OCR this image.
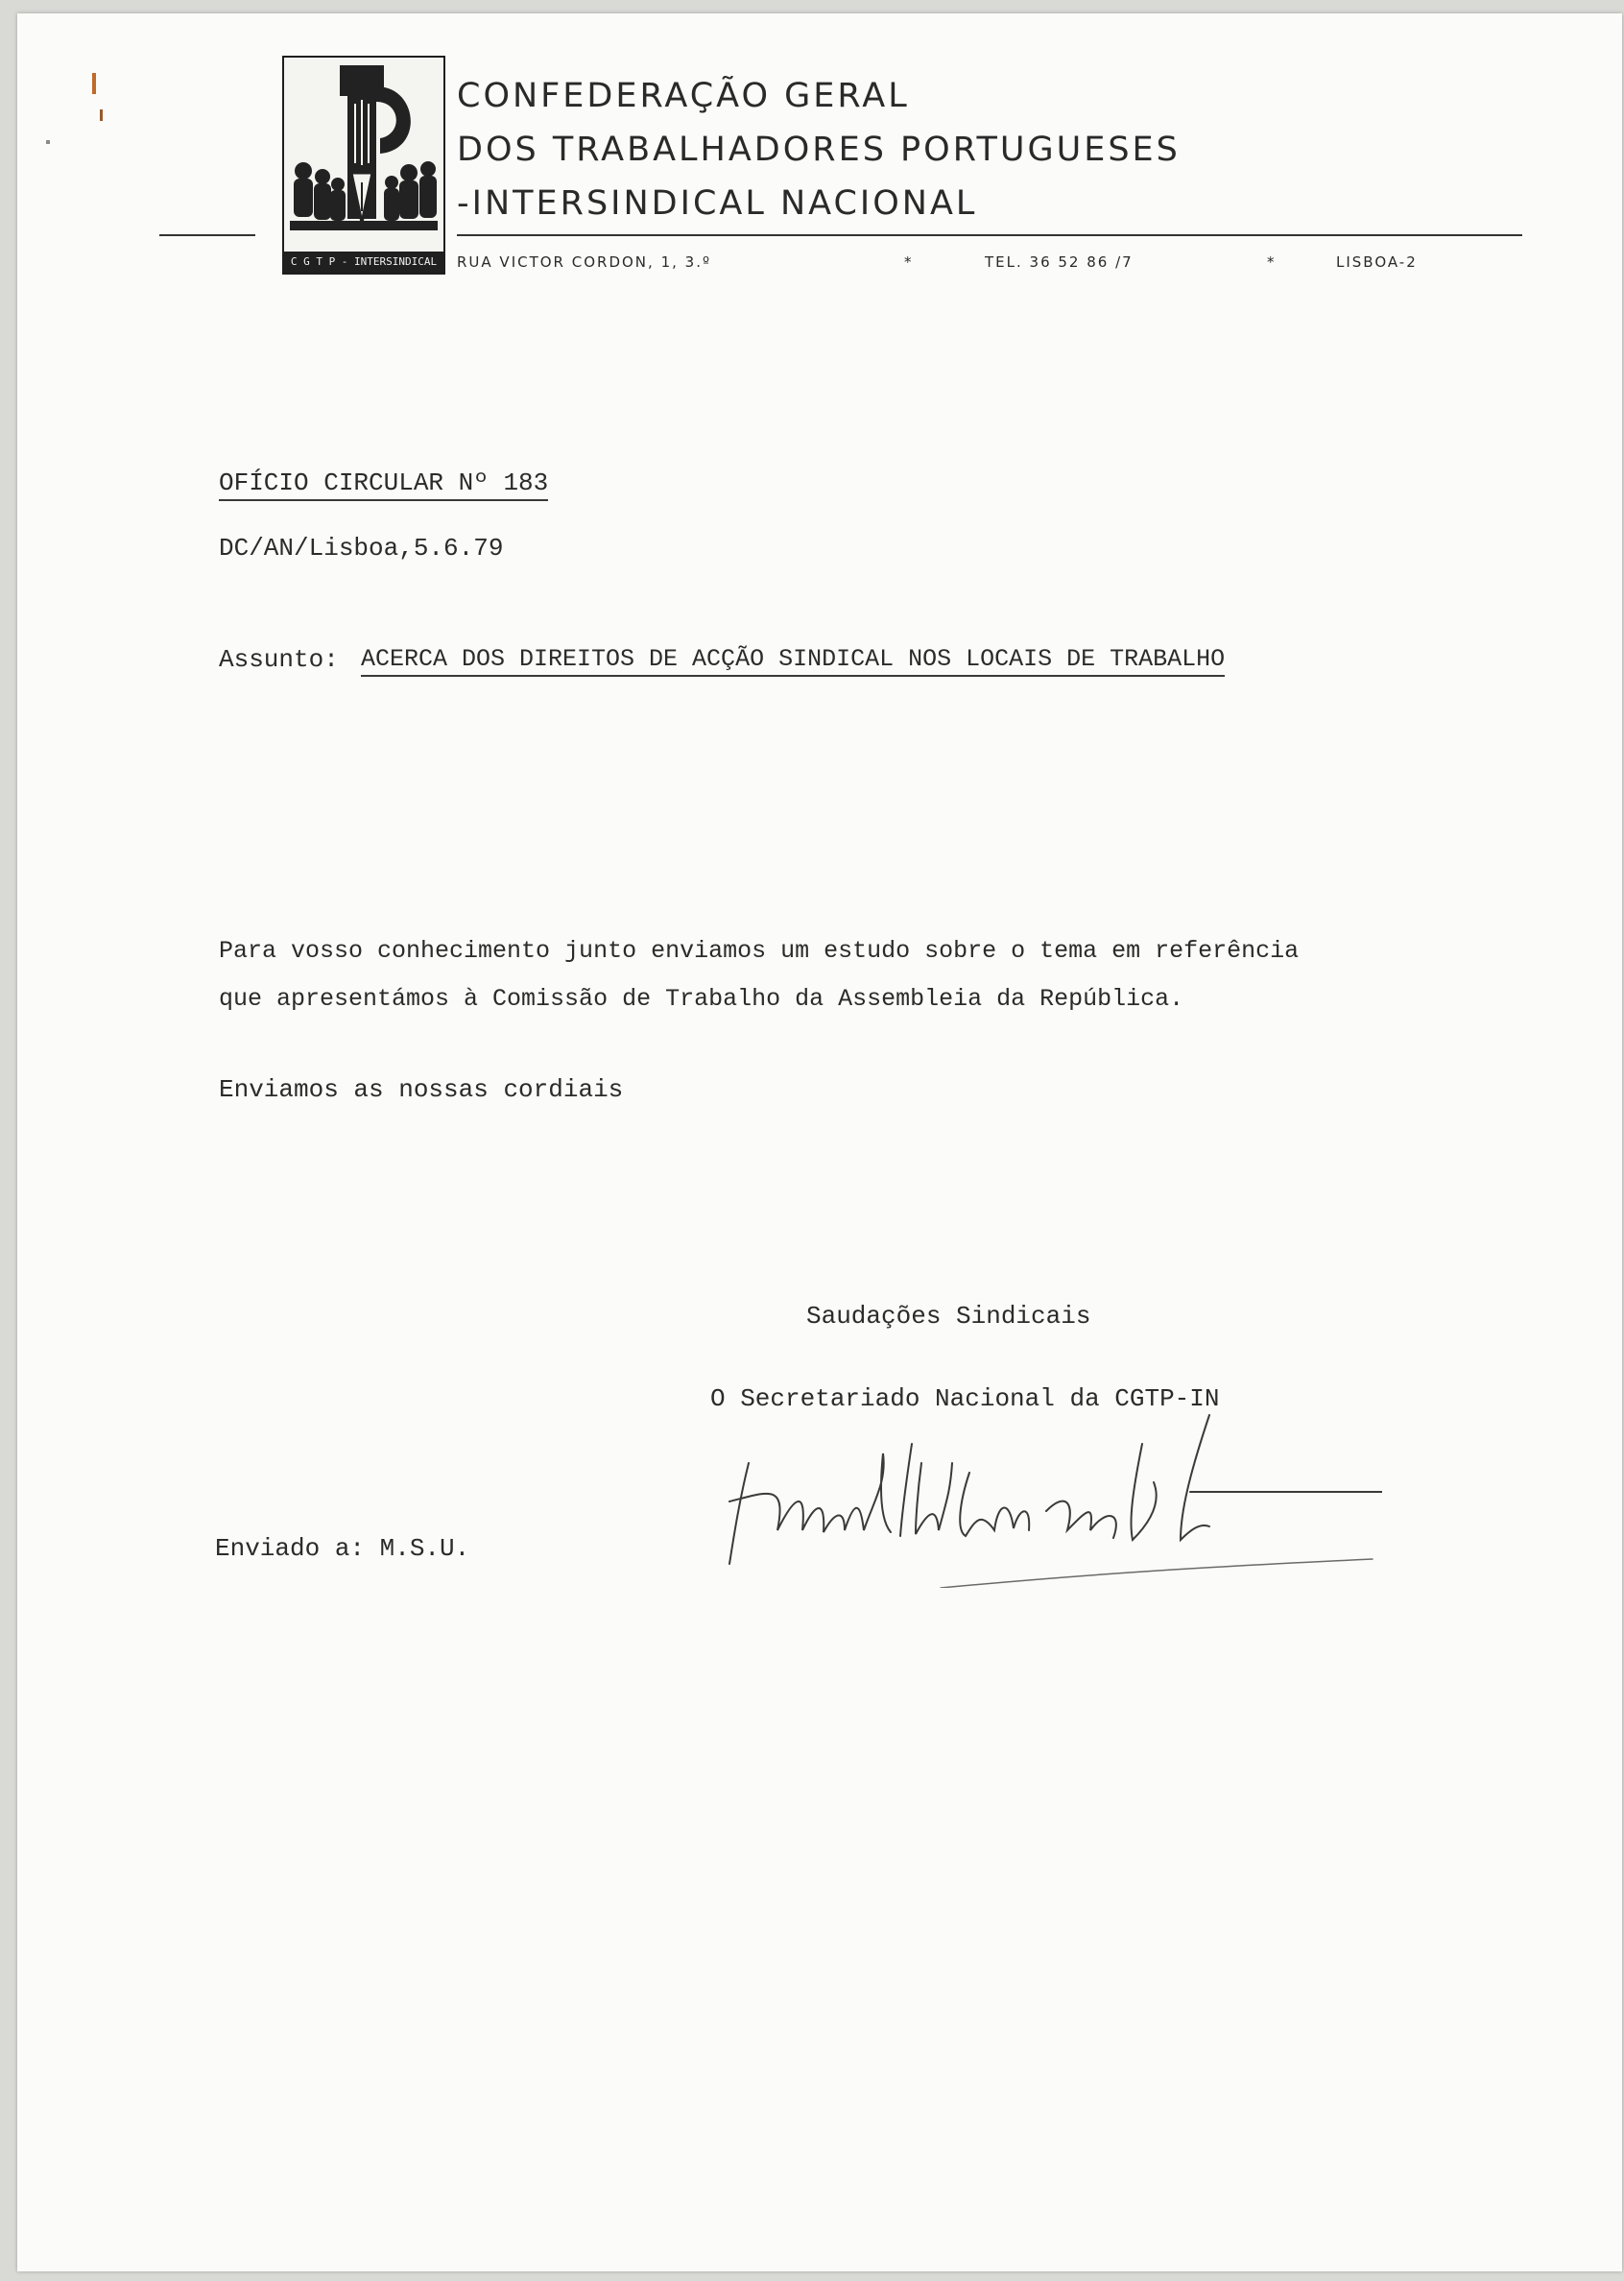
C G T P - INTERSINDICAL
CONFEDERAÇÃO GERAL
DOS TRABALHADORES PORTUGUESES
-INTERSINDICAL NACIONAL
RUA VICTOR CORDON, 1, 3.º	*	TEL. 36 52 86 /7	*	LISBOA-2
OFÍCIO CIRCULAR Nº 183
DC/AN/Lisboa,5.6.79
Assunto: ACERCA DOS DIREITOS DE ACÇÃO SINDICAL NOS LOCAIS DE TRABALHO
Para vosso conhecimento junto enviamos um estudo sobre o tema em referência
que apresentámos à Comissão de Trabalho da Assembleia da República.
Enviamos as nossas cordiais
Saudações Sindicais
O Secretariado Nacional da CGTP-IN
Enviado a: M.S.U.
